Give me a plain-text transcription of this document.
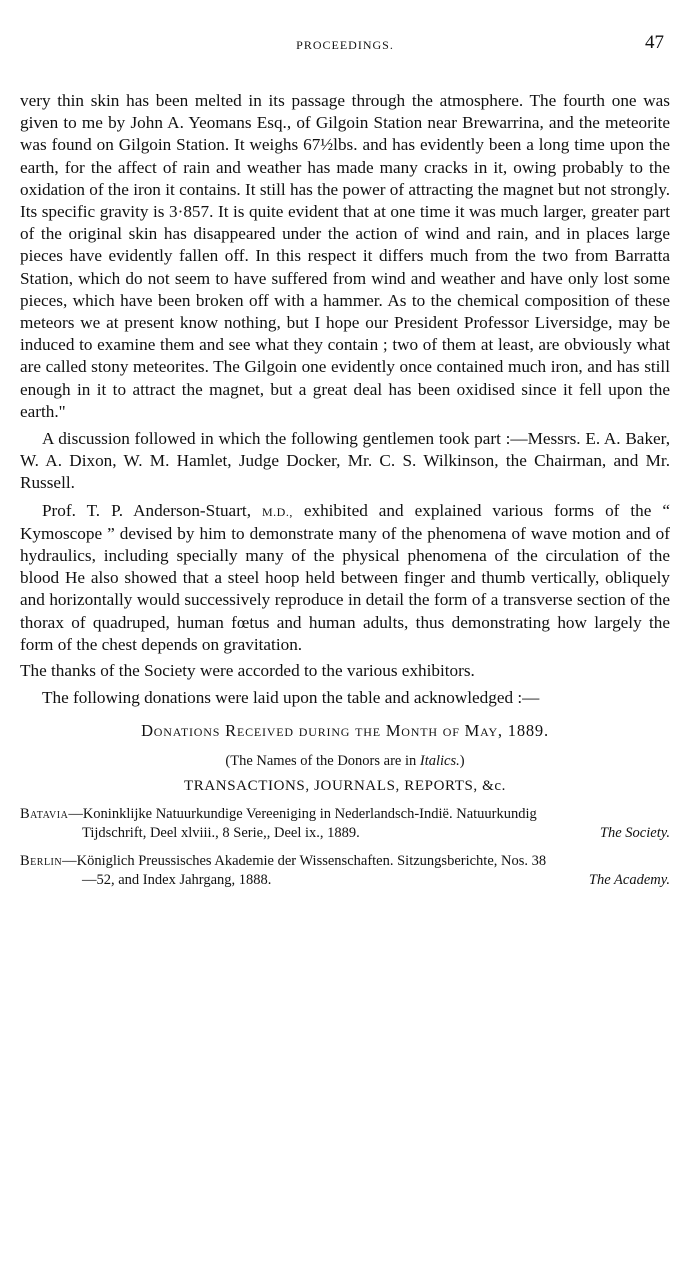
PROCEEDINGS.	47

very thin skin has been melted in its passage through the atmosphere. The fourth one was given to me by John A. Yeomans Esq., of Gilgoin Station near Brewarrina, and the meteorite was found on Gilgoin Station. It weighs 67½lbs. and has evidently been a long time upon the earth, for the affect of rain and weather has made many cracks in it, owing probably to the oxidation of the iron it contains. It still has the power of attracting the magnet but not strongly. Its specific gravity is 3·857. It is quite evident that at one time it was much larger, greater part of the original skin has disappeared under the action of wind and rain, and in places large pieces have evidently fallen off. In this respect it differs much from the two from Barratta Station, which do not seem to have suffered from wind and weather and have only lost some pieces, which have been broken off with a hammer. As to the chemical composition of these meteors we at present know nothing, but I hope our President Professor Liversidge, may be induced to examine them and see what they contain ; two of them at least, are obviously what are called stony meteorites. The Gilgoin one evidently once contained much iron, and has still enough in it to attract the magnet, but a great deal has been oxidised since it fell upon the earth."

A discussion followed in which the following gentlemen took part :—Messrs. E. A. Baker, W. A. Dixon, W. M. Hamlet, Judge Docker, Mr. C. S. Wilkinson, the Chairman, and Mr. Russell.

Prof. T. P. Anderson-Stuart, M.D., exhibited and explained various forms of the “ Kymoscope ” devised by him to demonstrate many of the phenomena of wave motion and of hydraulics, including specially many of the physical phenomena of the circulation of the blood He also showed that a steel hoop held between finger and thumb vertically, obliquely and horizontally would successively reproduce in detail the form of a transverse section of the thorax of quadruped, human fœtus and human adults, thus demonstrating how largely the form of the chest depends on gravitation.

The thanks of the Society were accorded to the various exhibitors.

The following donations were laid upon the table and acknowledged :—

Donations Received during the Month of May, 1889.
(The Names of the Donors are in Italics.)
TRANSACTIONS, JOURNALS, REPORTS, &c.
Batavia—Koninklijke Natuurkundige Vereeniging in Nederlandsch-Indië. Natuurkundig Tijdschrift, Deel xlviii., 8 Serie,, Deel ix., 1889.	The Society.
Berlin—Königlich Preussisches Akademie der Wissenschaften. Sitzungsberichte, Nos. 38—52, and Index Jahrgang, 1888.	The Academy.
